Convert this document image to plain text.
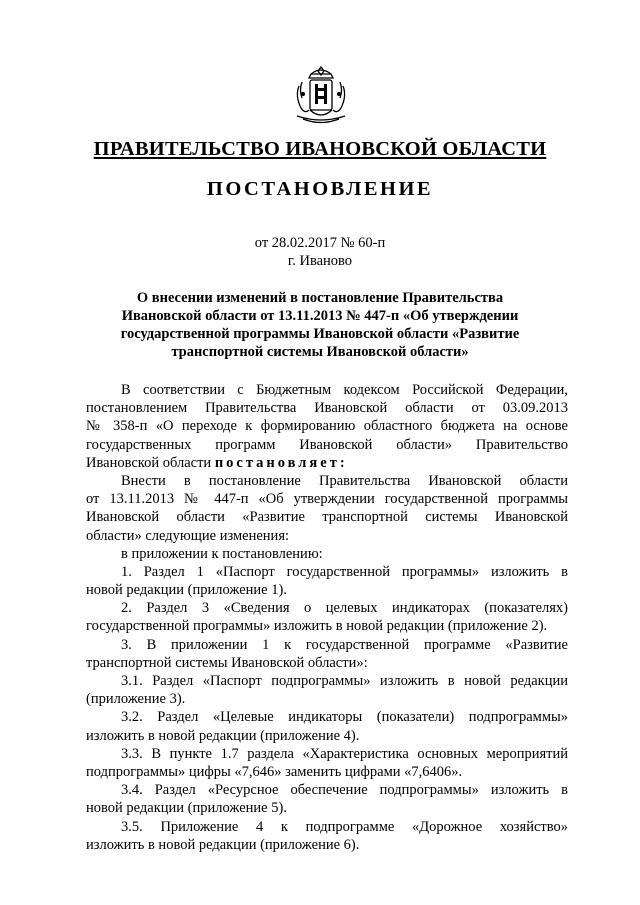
ПРАВИТЕЛЬСТВО ИВАНОВСКОЙ ОБЛАСТИ
ПОСТАНОВЛЕНИЕ
от 28.02.2017 № 60-п
г. Иваново
О внесении изменений в постановление Правительства
Ивановской области от 13.11.2013 № 447-п «Об утверждении
государственной программы Ивановской области «Развитие
транспортной системы Ивановской области»
В соответствии с Бюджетным кодексом Российской Федерации,
постановлением Правительства Ивановской области от 03.09.2013
№ 358-п «О переходе к формированию областного бюджета на основе
государственных программ Ивановской области» Правительство
Ивановской области постановляет:
Внести в постановление Правительства Ивановской области
от 13.11.2013 № 447-п «Об утверждении государственной программы
Ивановской области «Развитие транспортной системы Ивановской
области» следующие изменения:
в приложении к постановлению:
1. Раздел 1 «Паспорт государственной программы» изложить в
новой редакции (приложение 1).
2. Раздел 3 «Сведения о целевых индикаторах (показателях)
государственной программы» изложить в новой редакции (приложение 2).
3. В приложении 1 к государственной программе «Развитие
транспортной системы Ивановской области»:
3.1. Раздел «Паспорт подпрограммы» изложить в новой редакции
(приложение 3).
3.2. Раздел «Целевые индикаторы (показатели) подпрограммы»
изложить в новой редакции (приложение 4).
3.3. В пункте 1.7 раздела «Характеристика основных мероприятий
подпрограммы» цифры «7,646» заменить цифрами «7,6406».
3.4. Раздел «Ресурсное обеспечение подпрограммы» изложить в
новой редакции (приложение 5).
3.5. Приложение 4 к подпрограмме «Дорожное хозяйство»
изложить в новой редакции (приложение 6).
